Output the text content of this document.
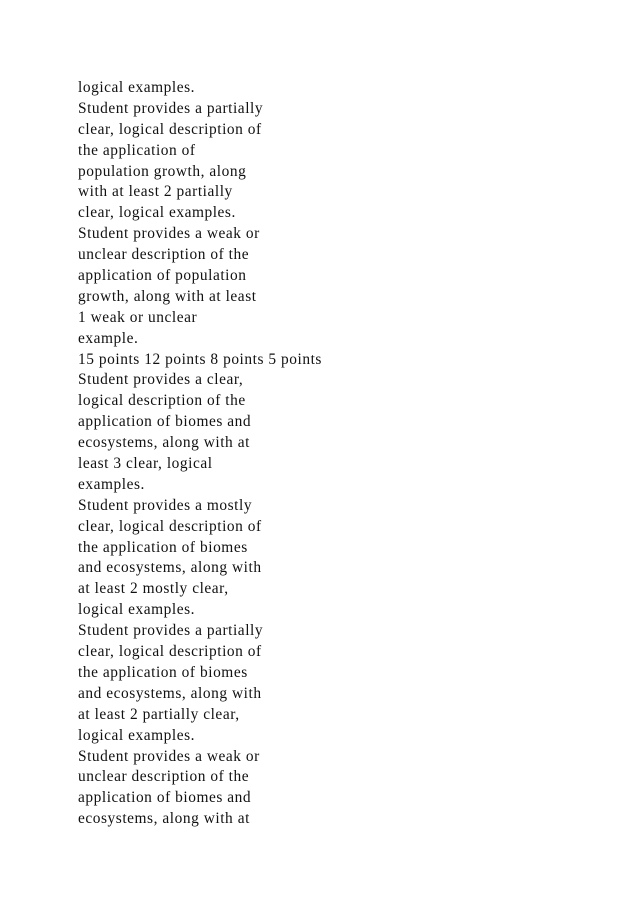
logical examples.
Student provides a partially
clear, logical description of
the application of
population growth, along
with at least 2 partially
clear, logical examples.
Student provides a weak or
unclear description of the
application of population
growth, along with at least
1 weak or unclear
example.
15 points 12 points 8 points 5 points
Student provides a clear,
logical description of the
application of biomes and
ecosystems, along with at
least 3 clear, logical
examples.
Student provides a mostly
clear, logical description of
the application of biomes
and ecosystems, along with
at least 2 mostly clear,
logical examples.
Student provides a partially
clear, logical description of
the application of biomes
and ecosystems, along with
at least 2 partially clear,
logical examples.
Student provides a weak or
unclear description of the
application of biomes and
ecosystems, along with at
